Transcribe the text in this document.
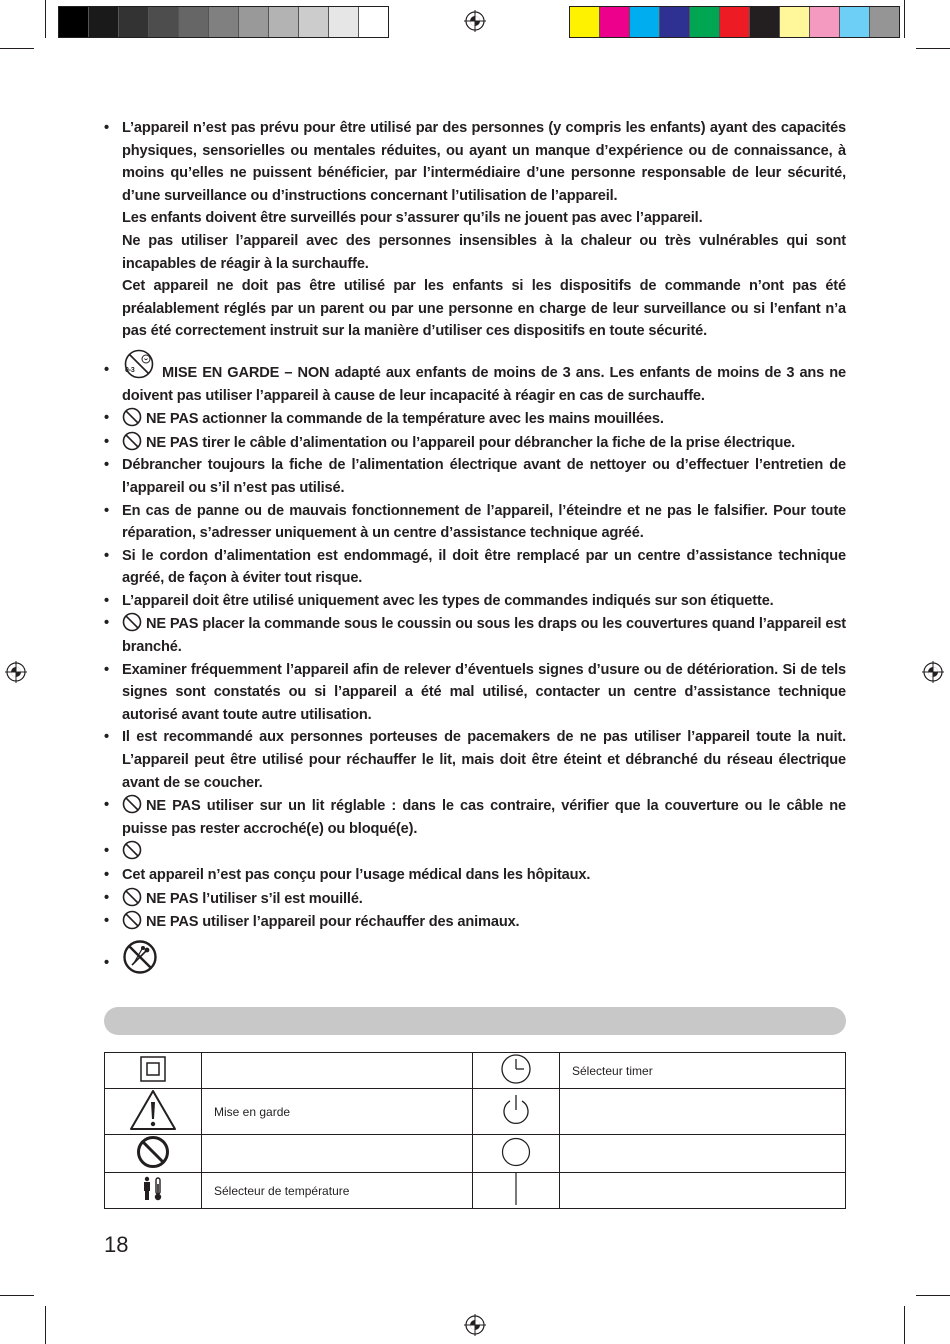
• L’appareil n’est pas prévu pour être utilisé par des personnes (y compris les enfants) ayant des capacités physiques, sensorielles ou mentales réduites, ou ayant un manque d’expérience ou de connaissance, à moins qu’elles ne puissent bénéficier, par l’intermédiaire d’une personne responsable de leur sécurité, d’une surveillance ou d’instructions concernant l’utilisation de l’appareil.

Les enfants doivent être surveillés pour s’assurer qu’ils ne jouent pas avec l’appareil.

Ne pas utiliser l’appareil avec des personnes insensibles à la chaleur ou très vulnérables qui sont incapables de réagir à la surchauffe.

Cet appareil ne doit pas être utilisé par les enfants si les dispositifs de commande n’ont pas été préalablement réglés par un parent ou par une personne en charge de leur surveillance ou si l’enfant n’a pas été correctement instruit sur la manière d’utiliser ces dispositifs en toute sécurité.

•	0-3 MISE EN GARDE – NON adapté aux enfants de moins de 3 ans. Les enfants de moins de 3 ans ne doivent pas utiliser l’appareil à cause de leur incapacité à réagir en cas de surchauffe.

•	NE PAS actionner la commande de la température avec les mains mouillées.

•	NE PAS tirer le câble d’alimentation ou l’appareil pour débrancher la fiche de la prise électrique.

• Débrancher toujours la fiche de l’alimentation électrique avant de nettoyer ou d’effectuer l’entretien de l’appareil ou s’il n’est pas utilisé.

• En cas de panne ou de mauvais fonctionnement de l’appareil, l’éteindre et ne pas le falsifier. Pour toute réparation, s’adresser uniquement à un centre d’assistance technique agréé.

• Si le cordon d’alimentation est endommagé, il doit être remplacé par un centre d’assistance technique agréé, de façon à éviter tout risque.

• L’appareil doit être utilisé uniquement avec les types de commandes indiqués sur son étiquette.

•	NE PAS placer la commande sous le coussin ou sous les draps ou les couvertures quand l’appareil est branché.

• Examiner fréquemment l’appareil afin de relever d’éventuels signes d’usure ou de détérioration. Si de tels signes sont constatés ou si l’appareil a été mal utilisé, contacter un centre d’assistance technique autorisé avant toute autre utilisation.

• Il est recommandé aux personnes porteuses de pacemakers de ne pas utiliser l’appareil toute la nuit. L’appareil peut être utilisé pour réchauffer le lit, mais doit être éteint et débranché du réseau électrique avant de se coucher.

•	NE PAS utiliser sur un lit réglable : dans le cas contraire, vérifier que la couverture ou le câble ne puisse pas rester accroché(e) ou bloqué(e).

•

• Cet appareil n’est pas conçu pour l’usage médical dans les hôpitaux.

•	NE PAS l’utiliser s’il est mouillé.

•	NE PAS utiliser l’appareil pour réchauffer des animaux.

•

			Sélecteur timer
	Mise en garde		

	Sélecteur de température		
18
